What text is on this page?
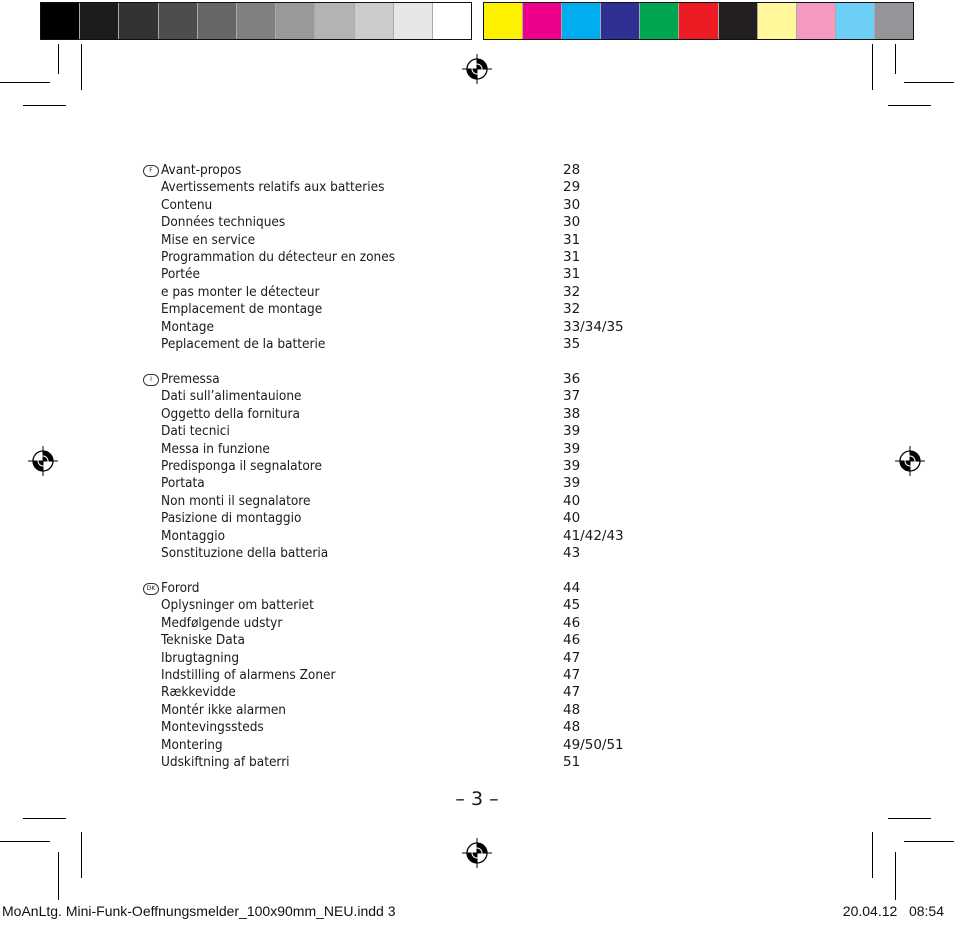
F Avant-propos	28
Avertissements relatifs aux batteries	29
Contenu	30
Données techniques	30
Mise en service	31
Programmation du détecteur en zones	31
Portée	31
e pas monter le détecteur	32
Emplacement de montage	32
Montage	33/34/35
Peplacement de la batterie	35
I Premessa	36
Dati sull’alimentauione	37
Oggetto della fornitura	38
Dati tecnici	39
Messa in funzione	39
Predisponga il segnalatore	39
Portata	39
Non monti il segnalatore	40
Pasizione di montaggio	40
Montaggio	41/42/43
Sonstituzione della batteria	43
DK Forord	44
Oplysninger om batteriet	45
Medfølgende udstyr	46
Tekniske Data	46
Ibrugtagning	47
Indstilling of alarmens Zoner	47
Rækkevidde	47
Montér ikke alarmen	48
Montevingssteds	48
Montering	49/50/51
Udskiftning af baterri	51
– 3 –
MoAnLtg. Mini-Funk-Oeffnungsmelder_100x90mm_NEU.indd 3	20.04.12 08:54
